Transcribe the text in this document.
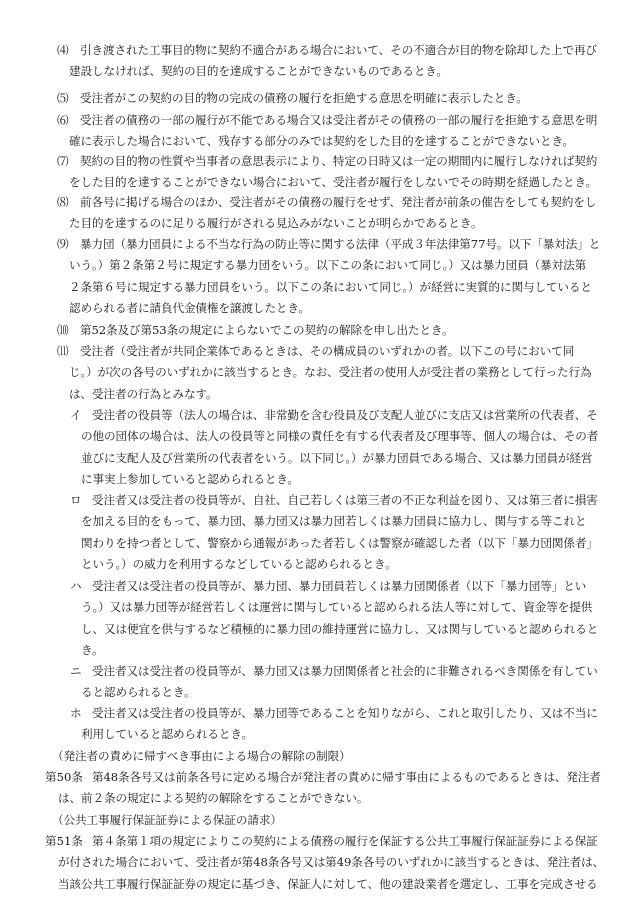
⑷ 引き渡された工事目的物に契約不適合がある場合において、その不適合が目的物を除却した上で再び
建設しなければ、契約の目的を達成することができないものであるとき。
⑸ 受注者がこの契約の目的物の完成の債務の履行を拒絶する意思を明確に表示したとき。
⑹ 受注者の債務の一部の履行が不能である場合又は受注者がその債務の一部の履行を拒絶する意思を明
確に表示した場合において、残存する部分のみでは契約をした目的を達することができないとき。
⑺ 契約の目的物の性質や当事者の意思表示により、特定の日時又は一定の期間内に履行しなければ契約
をした目的を達することができない場合において、受注者が履行をしないでその時期を経過したとき。
⑻ 前各号に掲げる場合のほか、受注者がその債務の履行をせず、発注者が前条の催告をしても契約をし
た目的を達するのに足りる履行がされる見込みがないことが明らかであるとき。
⑼ 暴力団（暴力団員による不当な行為の防止等に関する法律（平成３年法律第77号。以下「暴対法」と
いう。）第２条第２号に規定する暴力団をいう。以下この条において同じ。）又は暴力団員（暴対法第
２条第６号に規定する暴力団員をいう。以下この条において同じ。）が経営に実質的に関与していると
認められる者に請負代金債権を譲渡したとき。
⑽ 第52条及び第53条の規定によらないでこの契約の解除を申し出たとき。
⑾ 受注者（受注者が共同企業体であるときは、その構成員のいずれかの者。以下この号において同
じ。）が次の各号のいずれかに該当するとき。なお、受注者の使用人が受注者の業務として行った行為
は、受注者の行為とみなす。
イ 受注者の役員等（法人の場合は、非常勤を含む役員及び支配人並びに支店又は営業所の代表者、そ
の他の団体の場合は、法人の役員等と同様の責任を有する代表者及び理事等、個人の場合は、その者
並びに支配人及び営業所の代表者をいう。以下同じ。）が暴力団員である場合、又は暴力団員が経営
に事実上参加していると認められるとき。
ロ 受注者又は受注者の役員等が、自社、自己若しくは第三者の不正な利益を図り、又は第三者に損害
を加える目的をもって、暴力団、暴力団又は暴力団若しくは暴力団員に協力し、関与する等これと
関わりを持つ者として、警察から通報があった者若しくは警察が確認した者（以下「暴力団関係者」
という。）の威力を利用するなどしていると認められるとき。
ハ 受注者又は受注者の役員等が、暴力団、暴力団員若しくは暴力団関係者（以下「暴力団等」とい
う。）又は暴力団等が経営若しくは運営に関与していると認められる法人等に対して、資金等を提供
し、又は便宜を供与するなど積極的に暴力団の維持運営に協力し、又は関与していると認められると
き。
ニ 受注者又は受注者の役員等が、暴力団又は暴力団関係者と社会的に非難されるべき関係を有してい
ると認められるとき。
ホ 受注者又は受注者の役員等が、暴力団等であることを知りながら、これと取引したり、又は不当に
利用していると認められるとき。
（発注者の責めに帰すべき事由による場合の解除の制限）
第50条 第48条各号又は前条各号に定める場合が発注者の責めに帰す事由によるものであるときは、発注者
は、前２条の規定による契約の解除をすることができない。
（公共工事履行保証証券による保証の請求）
第51条 第４条第１項の規定によりこの契約による債務の履行を保証する公共工事履行保証証券による保証
が付された場合において、受注者が第48条各号又は第49条各号のいずれかに該当するときは、発注者は、
当該公共工事履行保証証券の規定に基づき、保証人に対して、他の建設業者を選定し、工事を完成させる
